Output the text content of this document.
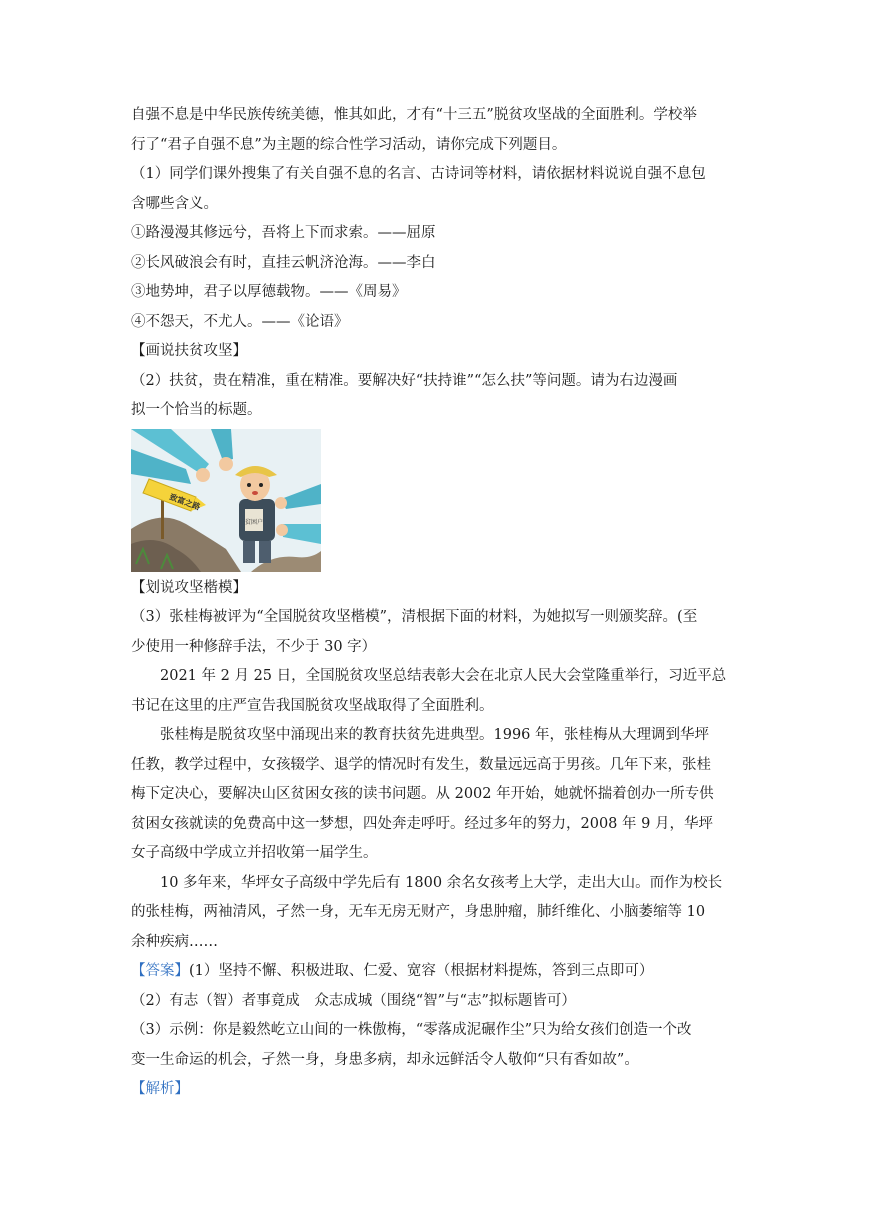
自强不息是中华民族传统美德，惟其如此，才有“十三五”脱贫攻坚战的全面胜利。学校举

行了“君子自强不息”为主题的综合性学习活动，请你完成下列题目。

（1）同学们课外搜集了有关自强不息的名言、古诗词等材料，请依据材料说说自强不息包

含哪些含义。

①路漫漫其修远兮，吾将上下而求索。——屈原

②长风破浪会有时，直挂云帆济沧海。——李白

③地势坤，君子以厚德载物。——《周易》

④不怨天，不尤人。——《论语》

【画说扶贫攻坚】

（2）扶贫，贵在精准，重在精准。要解决好“扶持谁”“怎么扶”等问题。请为右边漫画

拟一个恰当的标题。

贫困户
致富之路

【划说攻坚楷模】

（3）张桂梅被评为“全国脱贫攻坚楷模”，清根据下面的材料，为她拟写一则颁奖辞。(至

少使用一种修辞手法，不少于 30 字）

2021 年 2 月 25 日，全国脱贫攻坚总结表彰大会在北京人民大会堂隆重举行，习近平总

书记在这里的庄严宣告我国脱贫攻坚战取得了全面胜利。

张桂梅是脱贫攻坚中涌现出来的教育扶贫先进典型。1996 年，张桂梅从大理调到华坪

任教，教学过程中，女孩辍学、退学的情况时有发生，数量远远高于男孩。几年下来，张桂

梅下定决心，要解决山区贫困女孩的读书问题。从 2002 年开始，她就怀揣着创办一所专供

贫困女孩就读的免费高中这一梦想，四处奔走呼吁。经过多年的努力，2008 年 9 月，华坪

女子高级中学成立并招收第一届学生。

10 多年来，华坪女子高级中学先后有 1800 余名女孩考上大学，走出大山。而作为校长

的张桂梅，两袖清风，孑然一身，无车无房无财产，身患肿瘤，肺纤维化、小脑萎缩等 10

余种疾病……

【答案】(1）坚持不懈、积极进取、仁爱、宽容（根据材料提炼，答到三点即可）

（2）有志（智）者事竟成　众志成城（围绕“智”与“志”拟标题皆可）

（3）示例：你是毅然屹立山间的一株傲梅，“零落成泥碾作尘”只为给女孩们创造一个改

变一生命运的机会，孑然一身，身患多病，却永远鲜活令人敬仰“只有香如故”。

【解析】
